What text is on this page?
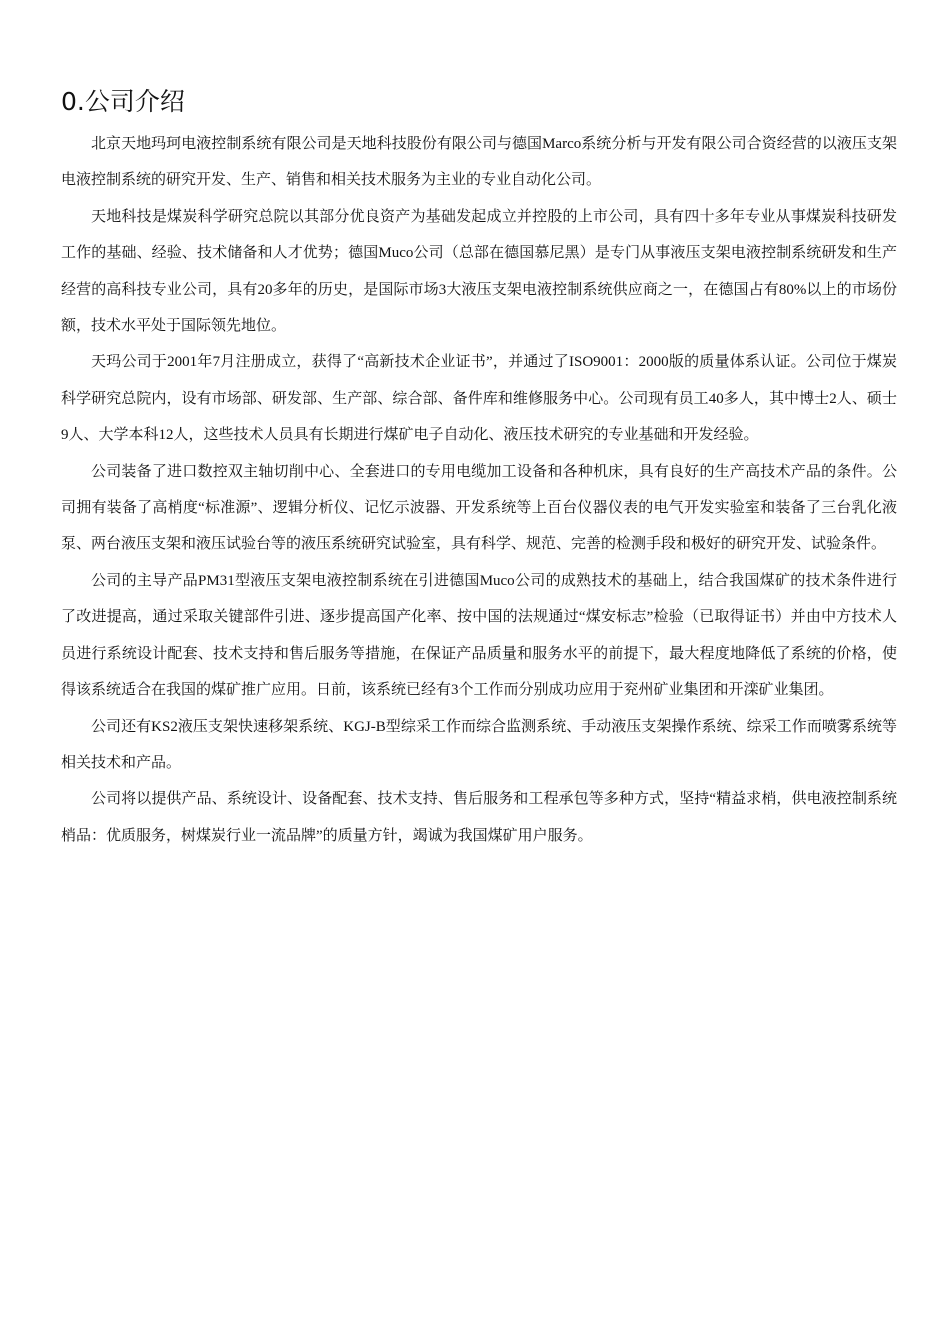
0.公司介绍

北京天地玛珂电液控制系统有限公司是天地科技股份有限公司与德国Marco系统分析与开发有限公司合资经营的以液压支架电液控制系统的研究开发、生产、销售和相关技术服务为主业的专业自动化公司。

天地科技是煤炭科学研究总院以其部分优良资产为基础发起成立并控股的上市公司，具有四十多年专业从事煤炭科技研发工作的基础、经验、技术储备和人才优势；德国Muco公司（总部在德国慕尼黑）是专门从事液压支架电液控制系统研发和生产经营的高科技专业公司，具有20多年的历史，是国际市场3大液压支架电液控制系统供应商之一，在德国占有80%以上的市场份额，技术水平处于国际领先地位。

天玛公司于2001年7月注册成立，获得了“高新技术企业证书”，并通过了ISO9001：2000版的质量体系认证。公司位于煤炭科学研究总院内，设有市场部、研发部、生产部、综合部、备件库和维修服务中心。公司现有员工40多人，其中博士2人、硕士9人、大学本科12人，这些技术人员具有长期进行煤矿电子自动化、液压技术研究的专业基础和开发经验。

公司装备了进口数控双主轴切削中心、全套进口的专用电缆加工设备和各种机床，具有良好的生产高技术产品的条件。公司拥有装备了高梢度“标准源”、逻辑分析仪、记忆示波器、开发系统等上百台仪器仪表的电气开发实验室和装备了三台乳化液泵、两台液压支架和液压试验台等的液压系统研究试验室，具有科学、规范、完善的检测手段和极好的研究开发、试验条件。

公司的主导产品PM31型液压支架电液控制系统在引进德国Muco公司的成熟技术的基础上，结合我国煤矿的技术条件进行了改进提高，通过采取关键部件引进、逐步提高国产化率、按中国的法规通过“煤安标志”检验（已取得证书）并由中方技术人员进行系统设计配套、技术支持和售后服务等措施，在保证产品质量和服务水平的前提下，最大程度地降低了系统的价格，使得该系统适合在我国的煤矿推广应用。日前，该系统已经有3个工作而分别成功应用于兖州矿业集团和开滦矿业集团。

公司还有KS2液压支架快速移架系统、KGJ-B型综采工作而综合监测系统、手动液压支架操作系统、综采工作而喷雾系统等相关技术和产品。

公司将以提供产品、系统设计、设备配套、技术支持、售后服务和工程承包等多种方式，坚持“精益求梢，供电液控制系统梢品：优质服务，树煤炭行业一流品牌”的质量方针，竭诚为我国煤矿用户服务。
